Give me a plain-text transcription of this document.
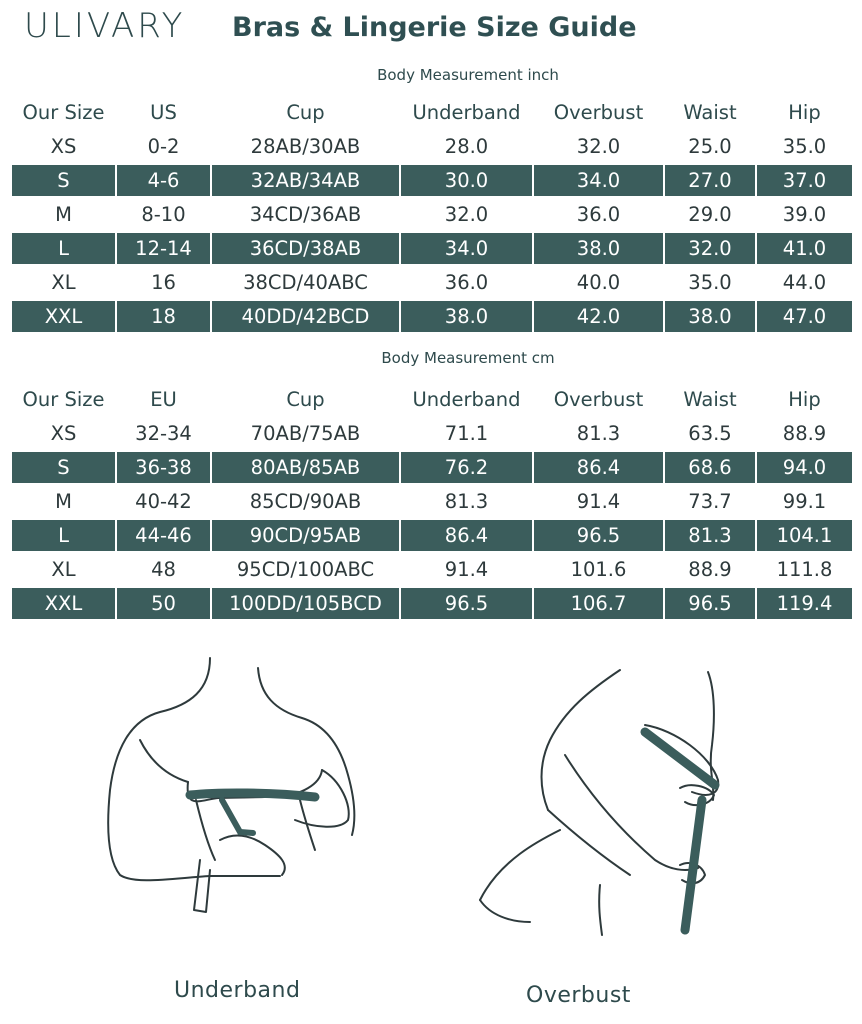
ULIVARY Bras & Lingerie Size Guide
Body Measurement inch
Our Size	US	Cup	Underband	Overbust	Waist	Hip
XS	0-2	28AB/30AB	28.0	32.0	25.0	35.0
S	4-6	32AB/34AB	30.0	34.0	27.0	37.0
M	8-10	34CD/36AB	32.0	36.0	29.0	39.0
L	12-14	36CD/38AB	34.0	38.0	32.0	41.0
XL	16	38CD/40ABC	36.0	40.0	35.0	44.0
XXL	18	40DD/42BCD	38.0	42.0	38.0	47.0
Body Measurement cm
Our Size	EU	Cup	Underband	Overbust	Waist	Hip
XS	32-34	70AB/75AB	71.1	81.3	63.5	88.9
S	36-38	80AB/85AB	76.2	86.4	68.6	94.0
M	40-42	85CD/90AB	81.3	91.4	73.7	99.1
L	44-46	90CD/95AB	86.4	96.5	81.3	104.1
XL	48	95CD/100ABC	91.4	101.6	88.9	111.8
XXL	50	100DD/105BCD	96.5	106.7	96.5	119.4
Underband	Overbust
